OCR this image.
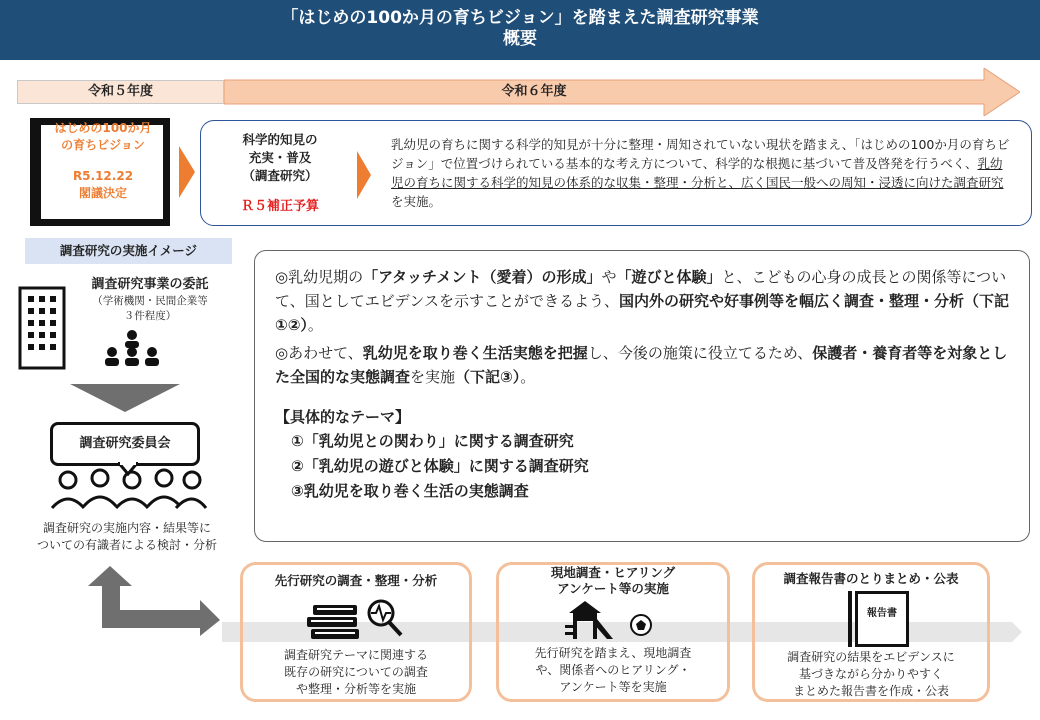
「はじめの100か月の育ちビジョン」を踏まえた調査研究事業
概要
令和５年度	令和６年度
はじめの100か月
の育ちビジョン
R5.12.22
閣議決定
科学的知見の
充実・普及
（調査研究）
Ｒ５補正予算
乳幼児の育ちに関する科学的知見が十分に整理・周知されていない現状を踏まえ、「はじめの100か月の育ちビジョン」で位置づけられている基本的な考え方について、科学的な根拠に基づいて普及啓発を行うべく、乳幼児の育ちに関する科学的知見の体系的な収集・整理・分析と、広く国民一般への周知・浸透に向けた調査研究を実施。
調査研究の実施イメージ
調査研究事業の委託
（学術機関・民間企業等
３件程度）
調査研究委員会
調査研究の実施内容・結果等に
ついての有識者による検討・分析
◎乳幼児期の「アタッチメント（愛着）の形成」や「遊びと体験」と、こどもの心身の成長との関係等について、国としてエビデンスを示すことができるよう、国内外の研究や好事例等を幅広く調査・整理・分析（下記①②）。
◎あわせて、乳幼児を取り巻く生活実態を把握し、今後の施策に役立てるため、保護者・養育者等を対象とした全国的な実態調査を実施（下記③）。
【具体的なテーマ】
①「乳幼児との関わり」に関する調査研究
②「乳幼児の遊びと体験」に関する調査研究
③乳幼児を取り巻く生活の実態調査
先行研究の調査・整理・分析
調査研究テーマに関連する
既存の研究についての調査
や整理・分析等を実施
現地調査・ヒアリング
アンケート等の実施
先行研究を踏まえ、現地調査
や、関係者へのヒアリング・
アンケート等を実施
調査報告書のとりまとめ・公表
報告書
調査研究の結果をエビデンスに
基づきながら分かりやすく
まとめた報告書を作成・公表
